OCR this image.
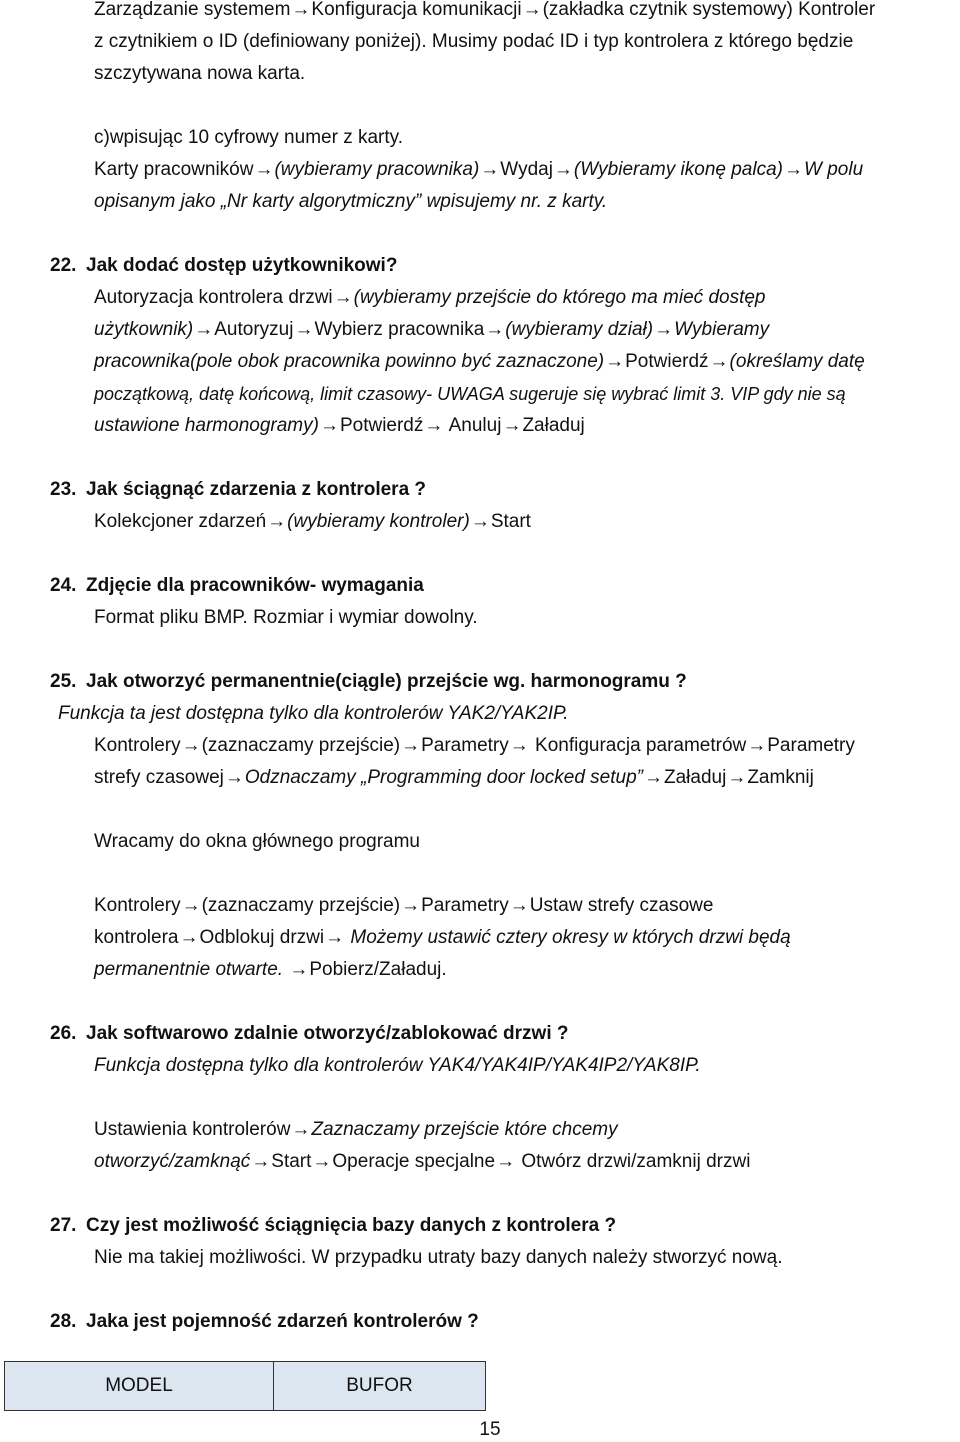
Zarządzanie systemem→Konfiguracja komunikacji→(zakładka czytnik systemowy) Kontroler
z czytnikiem o ID (definiowany poniżej). Musimy podać ID i typ kontrolera z którego będzie
szczytywana nowa karta.
c)wpisując 10 cyfrowy numer z karty.
Karty pracowników→(wybieramy pracownika)→Wydaj→(Wybieramy ikonę palca)→W polu
opisanym jako „Nr karty algorytmiczny” wpisujemy nr. z karty.
22. Jak dodać dostęp użytkownikowi?
Autoryzacja kontrolera drzwi→(wybieramy przejście do którego ma mieć dostęp
użytkownik)→Autoryzuj→Wybierz pracownika→(wybieramy dział)→Wybieramy
pracownika(pole obok pracownika powinno być zaznaczone)→Potwierdź→(określamy datę
początkową, datę końcową, limit czasowy- UWAGA sugeruje się wybrać limit 3. VIP gdy nie są
ustawione harmonogramy)→Potwierdź→ Anuluj→Załaduj
23. Jak ściągnąć zdarzenia z kontrolera ?
Kolekcjoner zdarzeń→(wybieramy kontroler)→Start
24. Zdjęcie dla pracowników- wymagania
Format pliku BMP. Rozmiar i wymiar dowolny.
25. Jak otworzyć permanentnie(ciągle) przejście wg. harmonogramu ?
Funkcja ta jest dostępna tylko dla kontrolerów YAK2/YAK2IP.
Kontrolery→(zaznaczamy przejście)→Parametry→ Konfiguracja parametrów→Parametry
strefy czasowej→Odznaczamy „Programming door locked setup”→Załaduj→Zamknij
Wracamy do okna głównego programu
Kontrolery→(zaznaczamy przejście)→Parametry→Ustaw strefy czasowe
kontrolera→Odblokuj drzwi→ Możemy ustawić cztery okresy w których drzwi będą
permanentnie otwarte. →Pobierz/Załaduj.
26. Jak softwarowo zdalnie otworzyć/zablokować drzwi ?
Funkcja dostępna tylko dla kontrolerów YAK4/YAK4IP/YAK4IP2/YAK8IP.
Ustawienia kontrolerów→Zaznaczamy przejście które chcemy
otworzyć/zamknąć→Start→Operacje specjalne→ Otwórz drzwi/zamknij drzwi
27. Czy jest możliwość ściągnięcia bazy danych z kontrolera ?
Nie ma takiej możliwości. W przypadku utraty bazy danych należy stworzyć nową.
28. Jaka jest pojemność zdarzeń kontrolerów ?
MODEL	BUFOR
15
